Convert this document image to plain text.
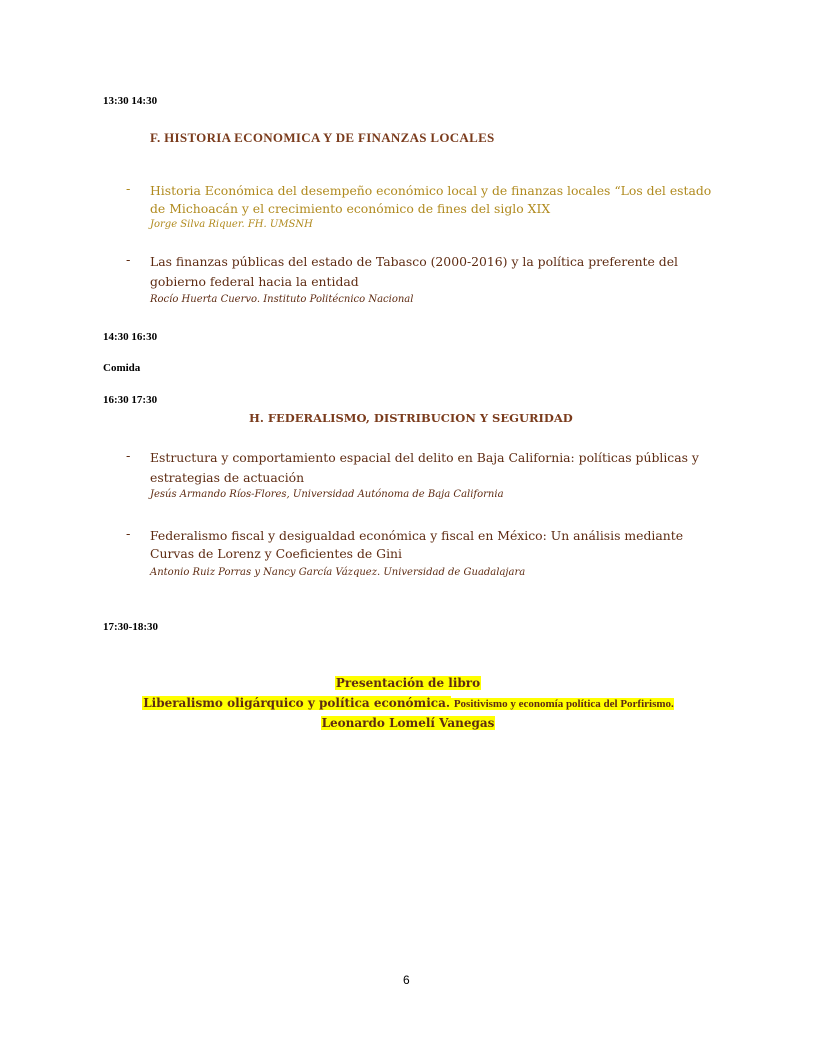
13:30 14:30
F. HISTORIA ECONOMICA Y DE FINANZAS LOCALES
- Historia Económica del desempeño económico local y de finanzas locales “Los del estado
de Michoacán y el crecimiento económico de fines del siglo XIX
Jorge Silva Riquer. FH. UMSNH
- Las finanzas públicas del estado de Tabasco (2000-2016) y la política preferente del
gobierno federal hacia la entidad
Rocío Huerta Cuervo. Instituto Politécnico Nacional
14:30 16:30
Comida
16:30 17:30
H. FEDERALISMO, DISTRIBUCION Y SEGURIDAD
- Estructura y comportamiento espacial del delito en Baja California: políticas públicas y
estrategias de actuación
Jesús Armando Ríos-Flores, Universidad Autónoma de Baja California
- Federalismo fiscal y desigualdad económica y fiscal en México: Un análisis mediante
Curvas de Lorenz y Coeficientes de Gini
Antonio Ruiz Porras y Nancy García Vázquez. Universidad de Guadalajara
17:30-18:30
Presentación de libro
Liberalismo oligárquico y política económica. Positivismo y economía política del Porfirismo.
Leonardo Lomelí Vanegas
6
